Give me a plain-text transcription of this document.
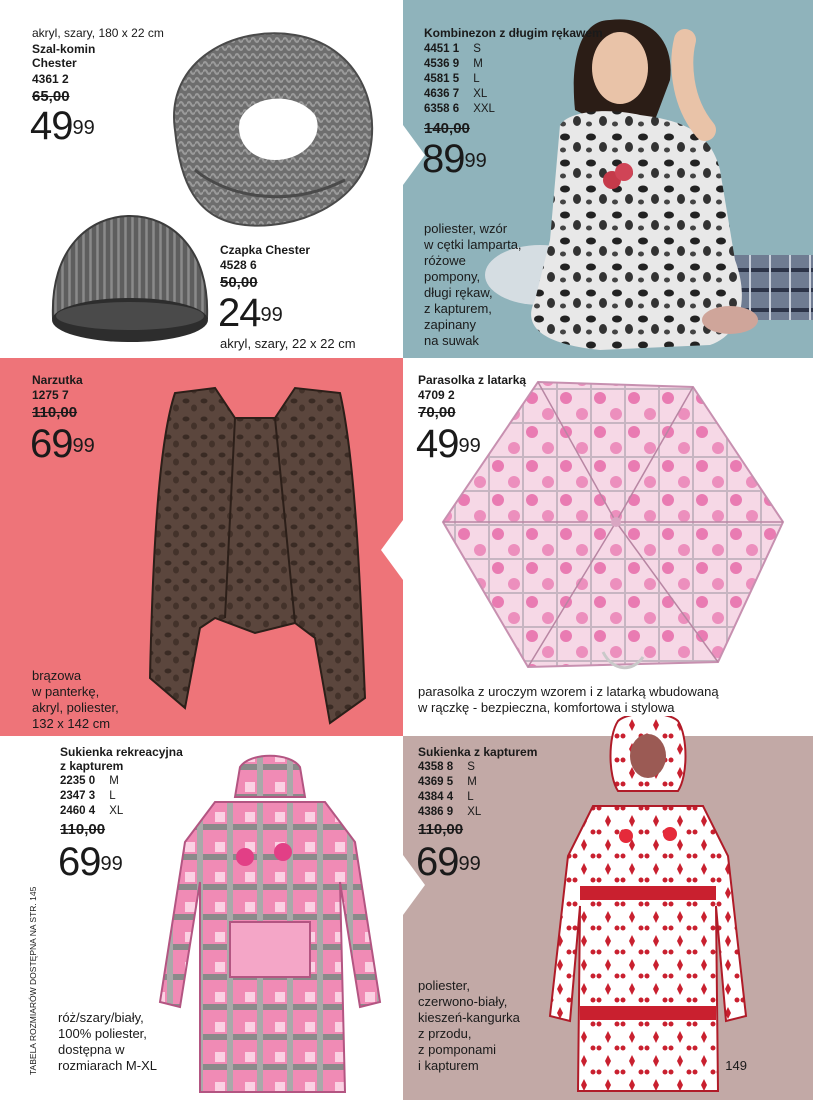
akryl, szary, 180 x 22 cm

Szal-komin Chester

4361 2

65,00

$49^{99}$

Czapka Chester

4528 6

50,00

$24^{99}$

akryl, szary, 22 x 22 cm

Kombinezon z długim rękawem

4451 1	S
4536 9	M
4581 5	L
4636 7	XL
6358 6	XXL

140,00

$89^{99}$

poliester, wzór
w cętki lamparta,
różowe
pompony,
długi rękaw,
z kapturem,
zapinany
na suwak

Narzutka

1275 7

110,00

$69^{99}$

brązowa
w panterkę,
akryl, poliester,
132 x 142 cm

Parasolka z latarką

4709 2

70,00

$49^{99}$

parasolka z uroczym wzorem i z latarką wbudowaną
w rączkę - bezpieczna, komfortowa i stylowa

Sukienka rekreacyjna

z kapturem

2235 0	M
2347 3	L
2460 4	XL

110,00

$69^{99}$

róż/szary/biały,
100% poliester,
dostępna w
rozmiarach M-XL

Sukienka z kapturem

4358 8	S
4369 5	M
4384 4	L
4386 9	XL

110,00

$69^{99}$

poliester,
czerwono-biały,
kieszeń-kangurka
z przodu,
z pomponami
i kapturem
TABELA ROZMIARÓW DOSTĘPNA NA STR. 145	149
